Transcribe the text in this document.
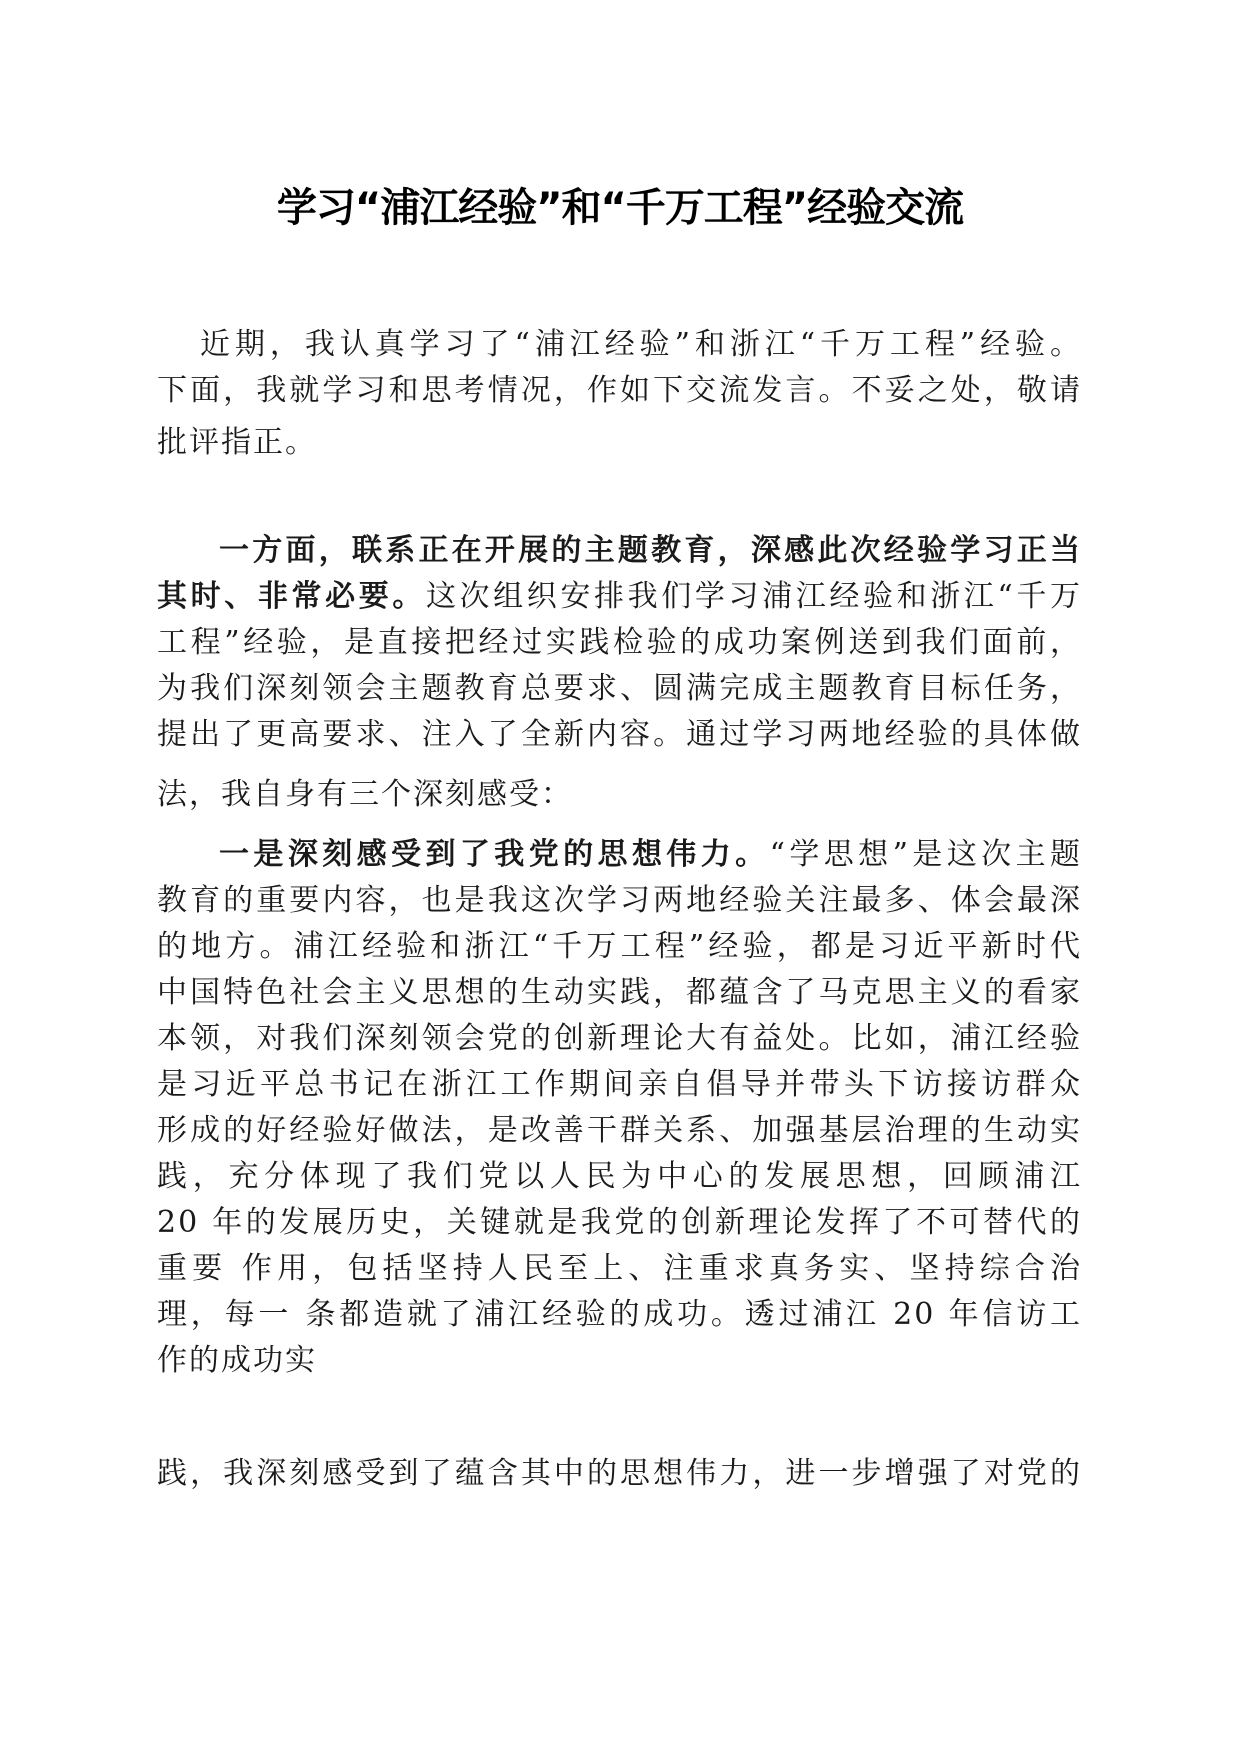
学习“浦江经验”和“千万工程”经验交流
近期，我认真学习了“浦江经验”和浙江“千万工程”经验。
下面，我就学习和思考情况，作如下交流发言。不妥之处，敬请
批评指正。
一方面，联系正在开展的主题教育，深感此次经验学习正当
其时、非常必要。这次组织安排我们学习浦江经验和浙江“千万
工程”经验，是直接把经过实践检验的成功案例送到我们面前，
为我们深刻领会主题教育总要求、圆满完成主题教育目标任务，
提出了更高要求、注入了全新内容。通过学习两地经验的具体做
法，我自身有三个深刻感受：
一是深刻感受到了我党的思想伟力。“学思想”是这次主题
教育的重要内容，也是我这次学习两地经验关注最多、体会最深
的地方。浦江经验和浙江“千万工程”经验，都是习近平新时代
中国特色社会主义思想的生动实践，都蕴含了马克思主义的看家
本领，对我们深刻领会党的创新理论大有益处。比如，浦江经验
是习近平总书记在浙江工作期间亲自倡导并带头下访接访群众
形成的好经验好做法，是改善干群关系、加强基层治理的生动实
践，充分体现了我们党以人民为中心的发展思想，回顾浦江
20 年的发展历史，关键就是我党的创新理论发挥了不可替代的
重要 作用，包括坚持人民至上、注重求真务实、坚持综合治
理，每一 条都造就了浦江经验的成功。透过浦江 20 年信访工
作的成功实
践，我深刻感受到了蕴含其中的思想伟力，进一步增强了对党的
